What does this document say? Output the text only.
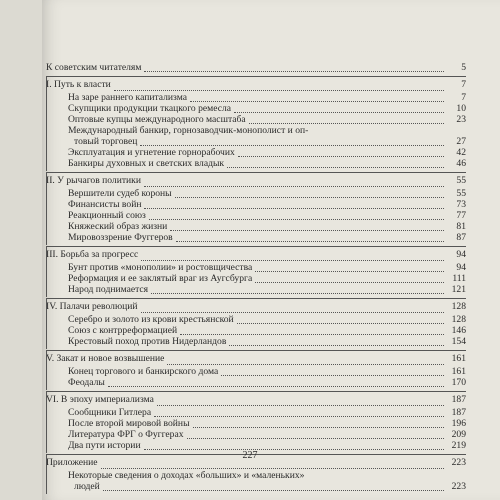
К советским читателям	5
I. Путь к власти	7
На заре раннего капитализма	7
Скупщики продукции ткацкого ремесла	10
Оптовые купцы международного масштаба	23
Международный банкир, горнозаводчик-монополист и оп-
товый торговец	27
Эксплуатация и угнетение горнорабочих	42
Банкиры духовных и светских владык	46
II. У рычагов политики	55
Вершители судеб короны	55
Финансисты войн	73
Реакционный союз	77
Княжеский образ жизни	81
Мировоззрение Фуггеров	87
III. Борьба за прогресс	94
Бунт против «монополии» и ростовщичества	94
Реформация и ее заклятый враг из Аугсбурга	111
Народ поднимается	121
IV. Палачи революций	128
Серебро и золото из крови крестьянской	128
Союз с контрреформацией	146
Крестовый поход против Нидерландов	154
V. Закат и новое возвышение	161
Конец торгового и банкирского дома	161
Феодалы	170
VI. В эпоху империализма	187
Сообщники Гитлера	187
После второй мировой войны	196
Литература ФРГ о Фуггерах	209
Два пути истории	219
Приложение	223
Некоторые сведения о доходах «больших» и «маленьких»
людей	223
227
